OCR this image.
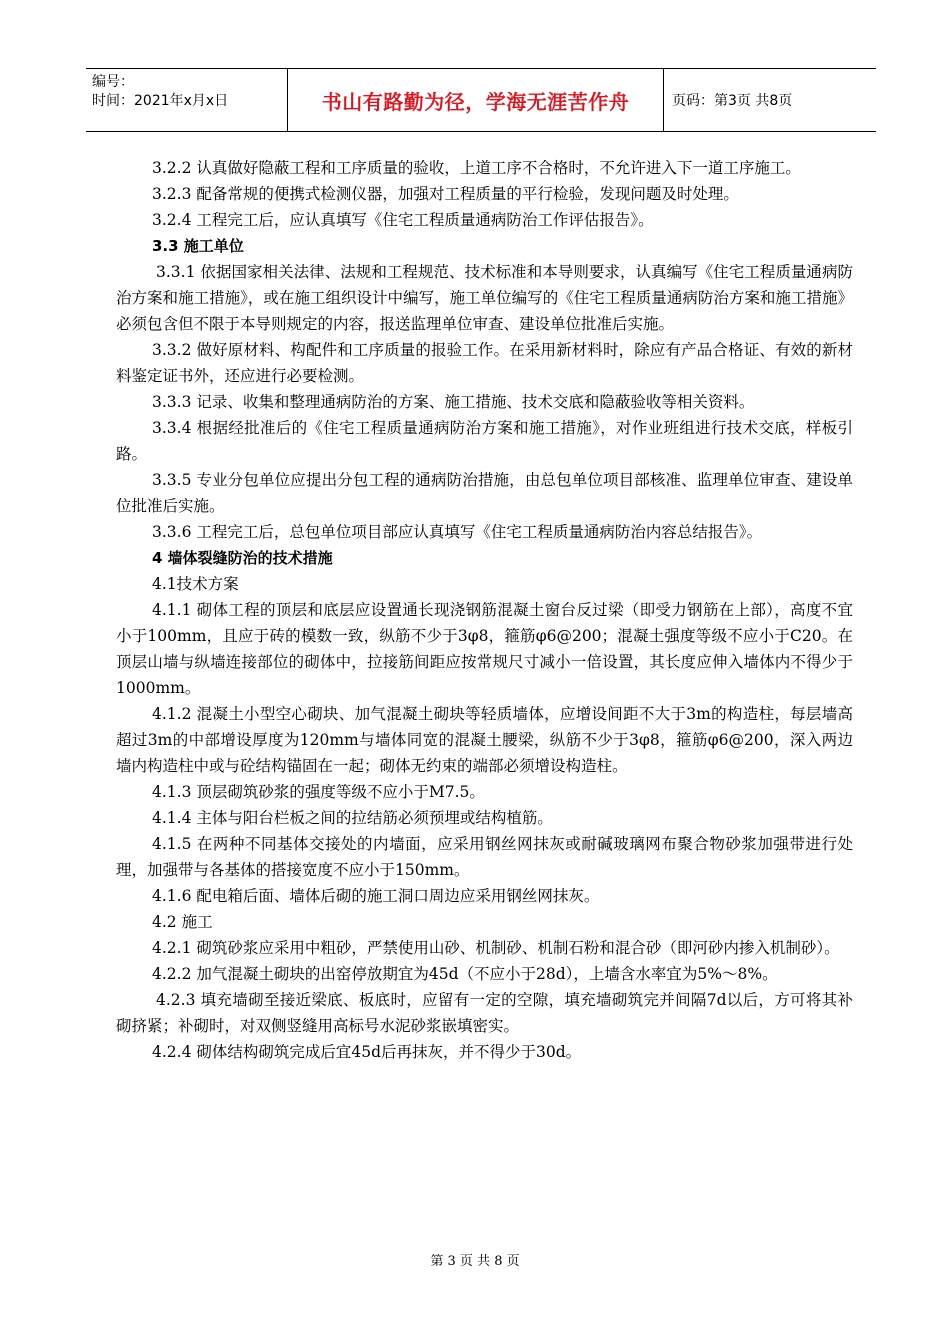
编号：
时间：2021年x月x日	书山有路勤为径，学海无涯苦作舟	页码：第3页 共8页

3.2.2 认真做好隐蔽工程和工序质量的验收，上道工序不合格时，不允许进入下一道工序施工。

3.2.3 配备常规的便携式检测仪器，加强对工程质量的平行检验，发现问题及时处理。

3.2.4 工程完工后，应认真填写《住宅工程质量通病防治工作评估报告》。

3.3 施工单位

3.3.1 依据国家相关法律、法规和工程规范、技术标准和本导则要求，认真编写《住宅工程质量通病防治方案和施工措施》，或在施工组织设计中编写，施工单位编写的《住宅工程质量通病防治方案和施工措施》必须包含但不限于本导则规定的内容，报送监理单位审查、建设单位批准后实施。

3.3.2 做好原材料、构配件和工序质量的报验工作。在采用新材料时，除应有产品合格证、有效的新材料鉴定证书外，还应进行必要检测。

3.3.3 记录、收集和整理通病防治的方案、施工措施、技术交底和隐蔽验收等相关资料。

3.3.4 根据经批准后的《住宅工程质量通病防治方案和施工措施》，对作业班组进行技术交底，样板引路。

3.3.5 专业分包单位应提出分包工程的通病防治措施，由总包单位项目部核准、监理单位审查、建设单位批准后实施。

3.3.6 工程完工后，总包单位项目部应认真填写《住宅工程质量通病防治内容总结报告》。

4 墙体裂缝防治的技术措施

4.1技术方案

4.1.1 砌体工程的顶层和底层应设置通长现浇钢筋混凝土窗台反过梁（即受力钢筋在上部），高度不宜小于100mm，且应于砖的模数一致，纵筋不少于3φ8，箍筋φ6@200；混凝土强度等级不应小于C20。在顶层山墙与纵墙连接部位的砌体中，拉接筋间距应按常规尺寸减小一倍设置，其长度应伸入墙体内不得少于1000mm。

4.1.2 混凝土小型空心砌块、加气混凝土砌块等轻质墙体，应增设间距不大于3m的构造柱，每层墙高超过3m的中部增设厚度为120mm与墙体同宽的混凝土腰梁，纵筋不少于3φ8，箍筋φ6@200，深入两边墙内构造柱中或与砼结构锚固在一起；砌体无约束的端部必须增设构造柱。

4.1.3 顶层砌筑砂浆的强度等级不应小于M7.5。

4.1.4 主体与阳台栏板之间的拉结筋必须预埋或结构植筋。

4.1.5 在两种不同基体交接处的内墙面，应采用钢丝网抹灰或耐碱玻璃网布聚合物砂浆加强带进行处理，加强带与各基体的搭接宽度不应小于150mm。

4.1.6 配电箱后面、墙体后砌的施工洞口周边应采用钢丝网抹灰。

4.2 施工

4.2.1 砌筑砂浆应采用中粗砂，严禁使用山砂、机制砂、机制石粉和混合砂（即河砂内掺入机制砂）。

4.2.2 加气混凝土砌块的出窑停放期宜为45d（不应小于28d），上墙含水率宜为5%～8%。

4.2.3 填充墙砌至接近梁底、板底时，应留有一定的空隙，填充墙砌筑完并间隔7d以后，方可将其补砌挤紧；补砌时，对双侧竖缝用高标号水泥砂浆嵌填密实。

4.2.4 砌体结构砌筑完成后宜45d后再抹灰，并不得少于30d。

第 3 页 共 8 页
